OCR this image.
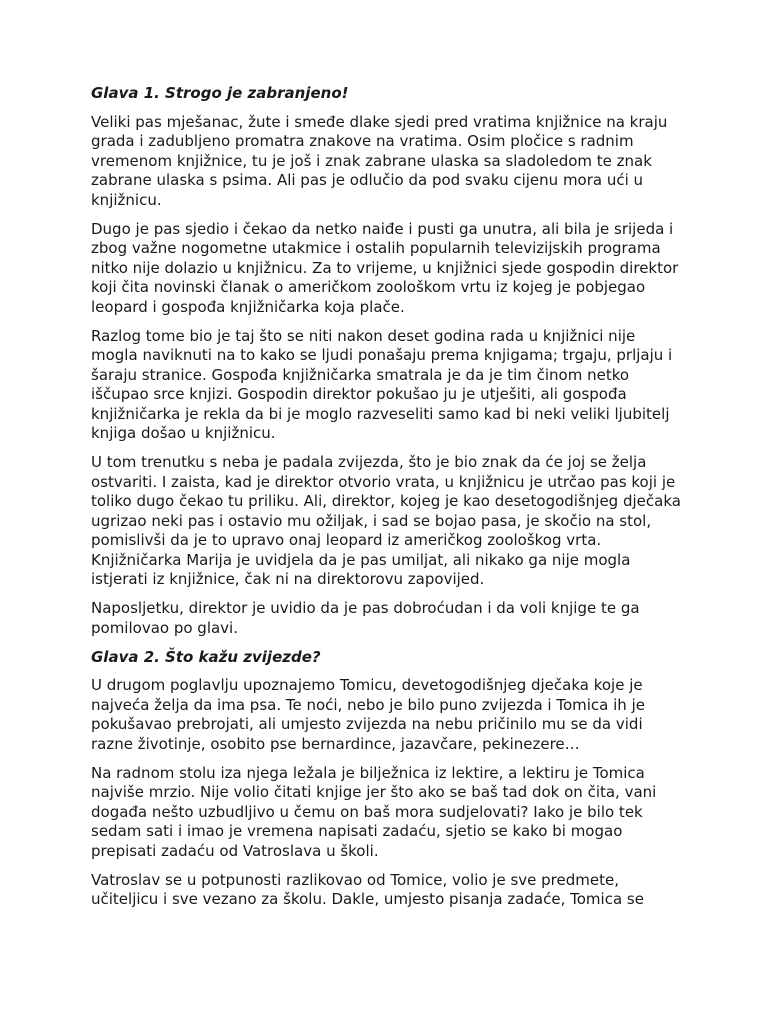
Glava 1. Strogo je zabranjeno!

Veliki pas mješanac, žute i smeđe dlake sjedi pred vratima knjižnice na kraju grada i zadubljeno promatra znakove na vratima. Osim pločice s radnim vremenom knjižnice, tu je još i znak zabrane ulaska sa sladoledom te znak zabrane ulaska s psima. Ali pas je odlučio da pod svaku cijenu mora ući u knjižnicu.

Dugo je pas sjedio i čekao da netko naiđe i pusti ga unutra, ali bila je srijeda i zbog važne nogometne utakmice i ostalih popularnih televizijskih programa nitko nije dolazio u knjižnicu. Za to vrijeme, u knjižnici sjede gospodin direktor koji čita novinski članak o američkom zoološkom vrtu iz kojeg je pobjegao leopard i gospođa knjižničarka koja plače.

Razlog tome bio je taj što se niti nakon deset godina rada u knjižnici nije mogla naviknuti na to kako se ljudi ponašaju prema knjigama; trgaju, prljaju i šaraju stranice. Gospođa knjižničarka smatrala je da je tim činom netko iščupao srce knjizi. Gospodin direktor pokušao ju je utješiti, ali gospođa knjižničarka je rekla da bi je moglo razveseliti samo kad bi neki veliki ljubitelj knjiga došao u knjižnicu.

U tom trenutku s neba je padala zvijezda, što je bio znak da će joj se želja ostvariti. I zaista, kad je direktor otvorio vrata, u knjižnicu je utrčao pas koji je toliko dugo čekao tu priliku. Ali, direktor, kojeg je kao desetogodišnjeg dječaka ugrizao neki pas i ostavio mu ožiljak, i sad se bojao pasa, je skočio na stol, pomislivši da je to upravo onaj leopard iz američkog zoološkog vrta. Knjižničarka Marija je uvidjela da je pas umiljat, ali nikako ga nije mogla istjerati iz knjižnice, čak ni na direktorovu zapovijed.

Naposljetku, direktor je uvidio da je pas dobroćudan i da voli knjige te ga pomilovao po glavi.

Glava 2. Što kažu zvijezde?

U drugom poglavlju upoznajemo Tomicu, devetogodišnjeg dječaka koje je najveća želja da ima psa. Te noći, nebo je bilo puno zvijezda i Tomica ih je pokušavao prebrojati, ali umjesto zvijezda na nebu pričinilo mu se da vidi razne životinje, osobito pse bernardince, jazavčare, pekinezere…

Na radnom stolu iza njega ležala je bilježnica iz lektire, a lektiru je Tomica najviše mrzio. Nije volio čitati knjige jer što ako se baš tad dok on čita, vani događa nešto uzbudljivo u čemu on baš mora sudjelovati? Iako je bilo tek sedam sati i imao je vremena napisati zadaću, sjetio se kako bi mogao prepisati zadaću od Vatroslava u školi.

Vatroslav se u potpunosti razlikovao od Tomice, volio je sve predmete, učiteljicu i sve vezano za školu. Dakle, umjesto pisanja zadaće, Tomica se
